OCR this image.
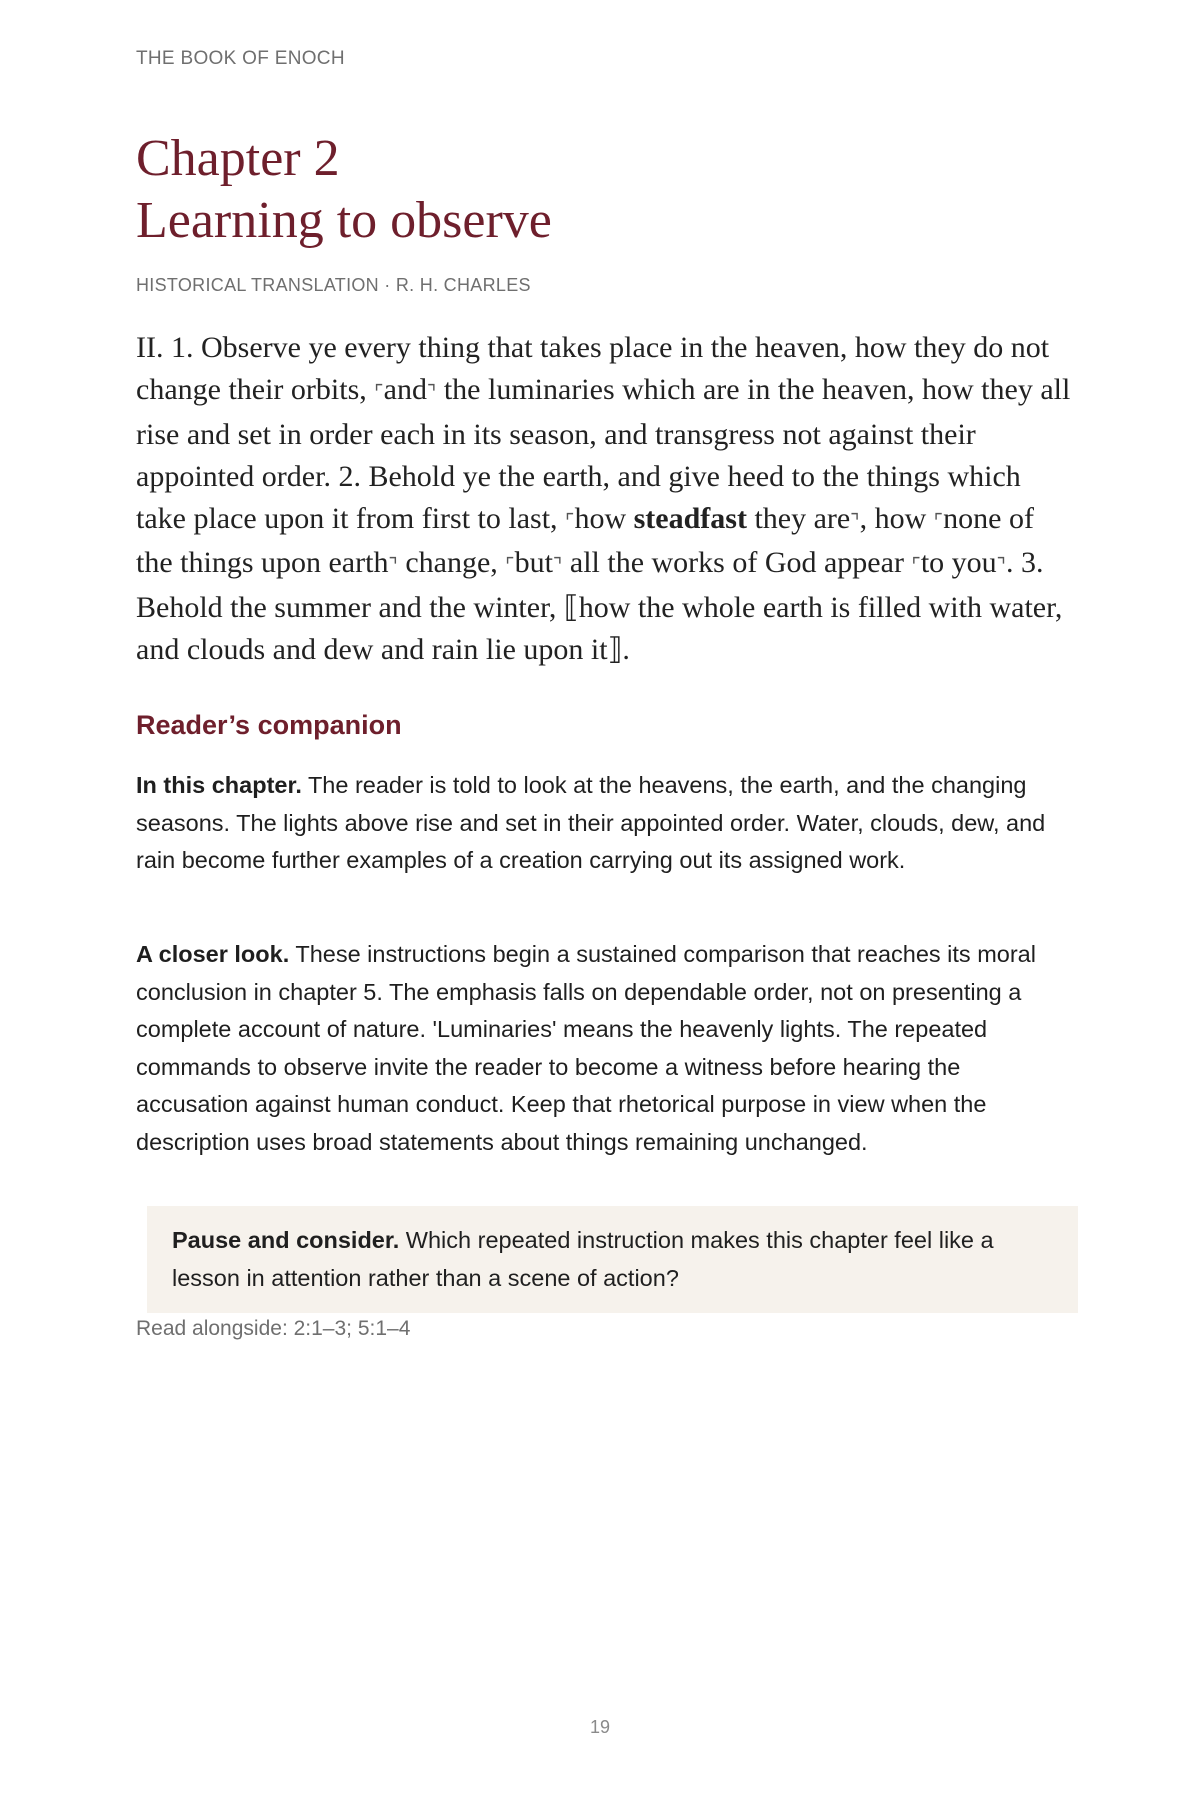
THE BOOK OF ENOCH
Chapter 2
Learning to observe
HISTORICAL TRANSLATION · R. H. CHARLES

II. 1. Observe ye every thing that takes place in the heaven, how they do not change their orbits, ⌜and⌝ the luminaries which are in the heaven, how they all rise and set in order each in its season, and transgress not against their appointed order. 2. Behold ye the earth, and give heed to the things which take place upon it from first to last, ⌜how steadfast they are⌝, how ⌜none of the things upon earth⌝ change, ⌜but⌝ all the works of God appear ⌜to you⌝. 3. Behold the summer and the winter, ⟦how the whole earth is filled with water, and clouds and dew and rain lie upon it⟧.

Reader’s companion

In this chapter. The reader is told to look at the heavens, the earth, and the changing seasons. The lights above rise and set in their appointed order. Water, clouds, dew, and rain become further examples of a creation carrying out its assigned work.

A closer look. These instructions begin a sustained comparison that reaches its moral conclusion in chapter 5. The emphasis falls on dependable order, not on presenting a complete account of nature. 'Luminaries' means the heavenly lights. The repeated commands to observe invite the reader to become a witness before hearing the accusation against human conduct. Keep that rhetorical purpose in view when the description uses broad statements about things remaining unchanged.

Pause and consider. Which repeated instruction makes this chapter feel like a lesson in attention rather than a scene of action?
Read alongside: 2:1–3; 5:1–4
19
